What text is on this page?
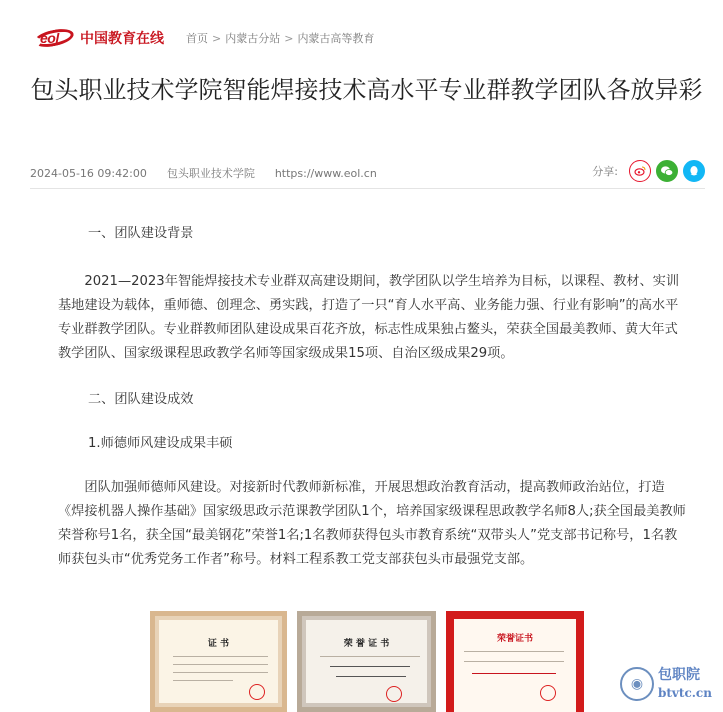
eol 中国教育在线 首页 > 内蒙古分站 > 内蒙古高等教育
包头职业技术学院智能焊接技术高水平专业群教学团队各放异彩
2024-05-16 09:42:00 包头职业技术学院 https://www.eol.cn	分享:

一、团队建设背景

2021—2023年智能焊接技术专业群双高建设期间，教学团队以学生培养为目标，以课程、教材、实训基地建设为载体，重师德、创理念、勇实践，打造了一只“育人水平高、业务能力强、行业有影响”的高水平专业群教学团队。专业群教师团队建设成果百花齐放，标志性成果独占鳌头，荣获全国最美教师、黄大年式教学团队、国家级课程思政教学名师等国家级成果15项、自治区级成果29项。

二、团队建设成效

1.师德师风建设成果丰硕

团队加强师德师风建设。对接新时代教师新标准，开展思想政治教育活动，提高教师政治站位，打造《焊接机器人操作基础》国家级思政示范课教学团队1个，培养国家级课程思政教学名师8人;获全国最美教师荣誉称号1名，获全国“最美钢花”荣誉1名;1名教师获得包头市教育系统“双带头人”党支部书记称号，1名教师获包头市“优秀党务工作者”称号。材料工程系教工党支部获包头市最强党支部。

证 书	荣 誉 证 书	荣誉证书
◉
包职院
btvtc.cn
